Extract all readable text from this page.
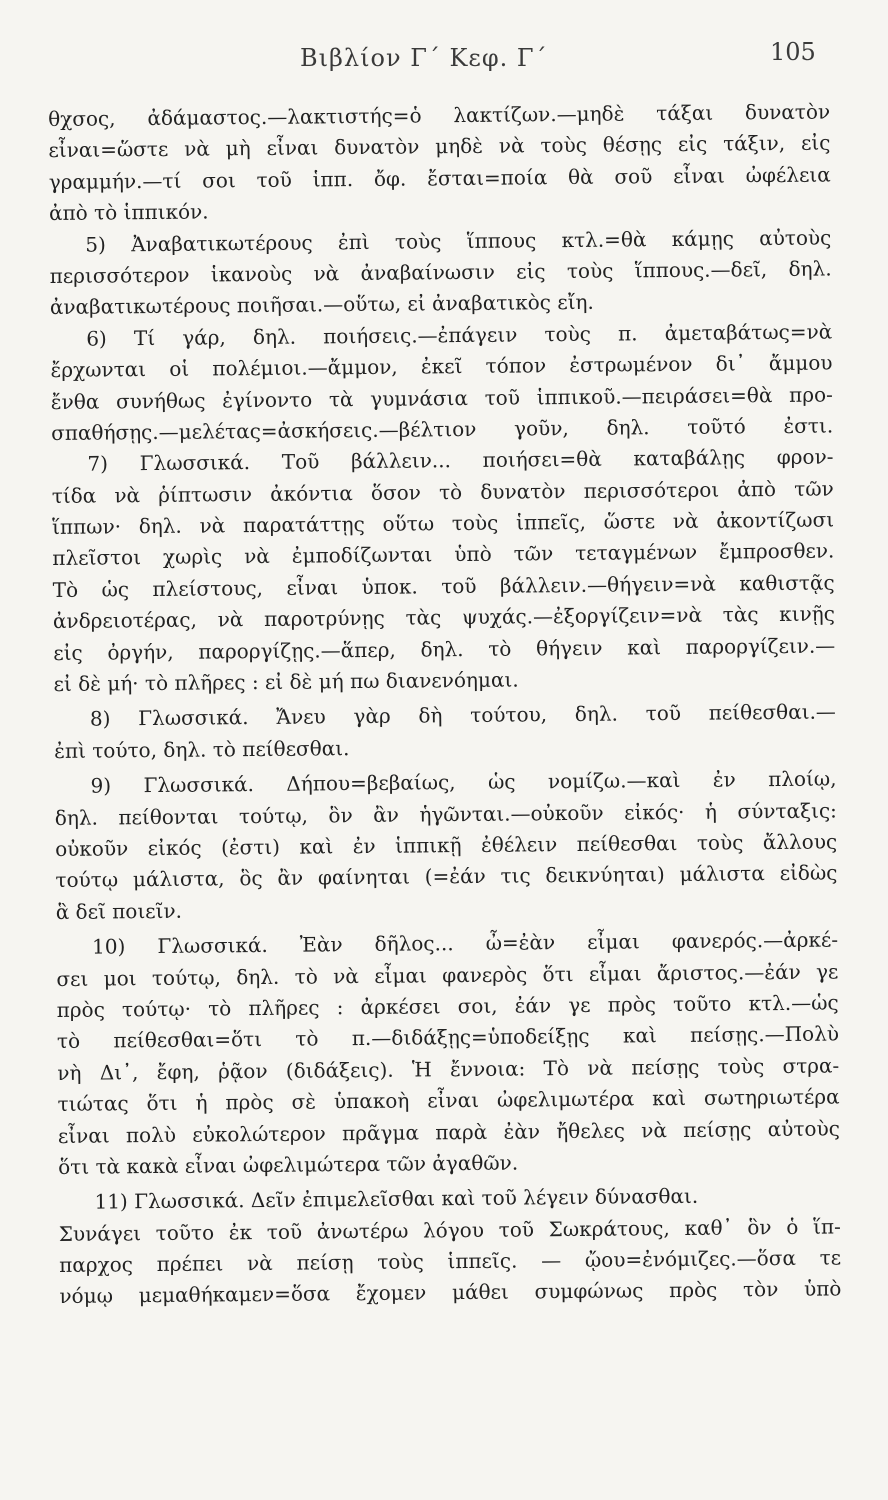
Βιβλίον Γ΄ Κεφ. Γ΄	105
θχσος, ἀδάμαστος.—λακτιστής=ὁ λακτίζων.—μηδὲ τάξαι δυνατὸν
εἶναι=ὥστε νὰ μὴ εἶναι δυνατὸν μηδὲ νὰ τοὺς θέσῃς εἰς τάξιν, εἰς
γραμμήν.—τί σοι τοῦ ἱππ. ὄφ. ἔσται=ποία θὰ σοῦ εἶναι ὠφέλεια
ἀπὸ τὸ ἱππικόν.
5) Ἀναβατικωτέρους ἐπὶ τοὺς ἵππους κτλ.=θὰ κάμῃς αὐτοὺς
περισσότερον ἱκανοὺς νὰ ἀναβαίνωσιν εἰς τοὺς ἵππους.—δεῖ, δηλ.
ἀναβατικωτέρους ποιῆσαι.—οὕτω, εἰ ἀναβατικὸς εἴη.
6) Τί γάρ, δηλ. ποιήσεις.—ἐπάγειν τοὺς π. ἀμεταβάτως=νὰ
ἔρχωνται οἱ πολέμιοι.—ἄμμον, ἐκεῖ τόπον ἐστρωμένον δι᾽ ἄμμου
ἔνθα συνήθως ἐγίνοντο τὰ γυμνάσια τοῦ ἱππικοῦ.—πειράσει=θὰ προ-
σπαθήσῃς.—μελέτας=ἀσκήσεις.—βέλτιον γοῦν, δηλ. τοῦτό ἐστι.
7) Γλωσσικά. Τοῦ βάλλειν... ποιήσει=θὰ καταβάλῃς φρον-
τίδα νὰ ῥίπτωσιν ἀκόντια ὅσον τὸ δυνατὸν περισσότεροι ἀπὸ τῶν
ἵππων· δηλ. νὰ παρατάττῃς οὕτω τοὺς ἱππεῖς, ὥστε νὰ ἀκοντίζωσι
πλεῖστοι χωρὶς νὰ ἐμποδίζωνται ὑπὸ τῶν τεταγμένων ἔμπροσθεν.
Τὸ ὡς πλείστους, εἶναι ὑποκ. τοῦ βάλλειν.—θήγειν=νὰ καθιστᾷς
ἀνδρειοτέρας, νὰ παροτρύνῃς τὰς ψυχάς.—ἐξοργίζειν=νὰ τὰς κινῇς
εἰς ὀργήν, παροργίζῃς.—ἅπερ, δηλ. τὸ θήγειν καὶ παροργίζειν.—
εἰ δὲ μή· τὸ πλῆρες : εἰ δὲ μή πω διανενόημαι.
8) Γλωσσικά. Ἄνευ γὰρ δὴ τούτου, δηλ. τοῦ πείθεσθαι.—
ἐπὶ τούτο, δηλ. τὸ πείθεσθαι.
9) Γλωσσικά. Δήπου=βεβαίως, ὡς νομίζω.—καὶ ἐν πλοίῳ,
δηλ. πείθονται τούτῳ, ὃν ἂν ἡγῶνται.—οὐκοῦν εἰκός· ἡ σύνταξις:
οὐκοῦν εἰκός (ἐστι) καὶ ἐν ἱππικῇ ἐθέλειν πείθεσθαι τοὺς ἄλλους
τούτῳ μάλιστα, ὃς ἂν φαίνηται (=ἐάν τις δεικνύηται) μάλιστα εἰδὼς
ἃ δεῖ ποιεῖν.
10) Γλωσσικά. Ἐὰν δῆλος... ὦ=ἐὰν εἶμαι φανερός.—ἀρκέ-
σει μοι τούτῳ, δηλ. τὸ νὰ εἶμαι φανερὸς ὅτι εἶμαι ἄριστος.—ἐάν γε
πρὸς τούτῳ· τὸ πλῆρες : ἀρκέσει σοι, ἐάν γε πρὸς τοῦτο κτλ.—ὡς
τὸ πείθεσθαι=ὅτι τὸ π.—διδάξῃς=ὑποδείξῃς καὶ πείσῃς.—Πολὺ
νὴ Δι᾽, ἔφη, ῥᾷον (διδάξεις). Ἡ ἔννοια: Τὸ νὰ πείσῃς τοὺς στρα-
τιώτας ὅτι ἡ πρὸς σὲ ὑπακοὴ εἶναι ὠφελιμωτέρα καὶ σωτηριωτέρα
εἶναι πολὺ εὐκολώτερον πρᾶγμα παρὰ ἐὰν ἤθελες νὰ πείσῃς αὐτοὺς
ὅτι τὰ κακὰ εἶναι ὠφελιμώτερα τῶν ἀγαθῶν.
11) Γλωσσικά. Δεῖν ἐπιμελεῖσθαι καὶ τοῦ λέγειν δύνασθαι.
Συνάγει τοῦτο ἐκ τοῦ ἀνωτέρω λόγου τοῦ Σωκράτους, καθ᾽ ὃν ὁ ἵπ-
παρχος πρέπει νὰ πείσῃ τοὺς ἱππεῖς. — ᾤου=ἐνόμιζες.—ὅσα τε
νόμῳ μεμαθήκαμεν=ὅσα ἔχομεν μάθει συμφώνως πρὸς τὸν ὑπὸ
